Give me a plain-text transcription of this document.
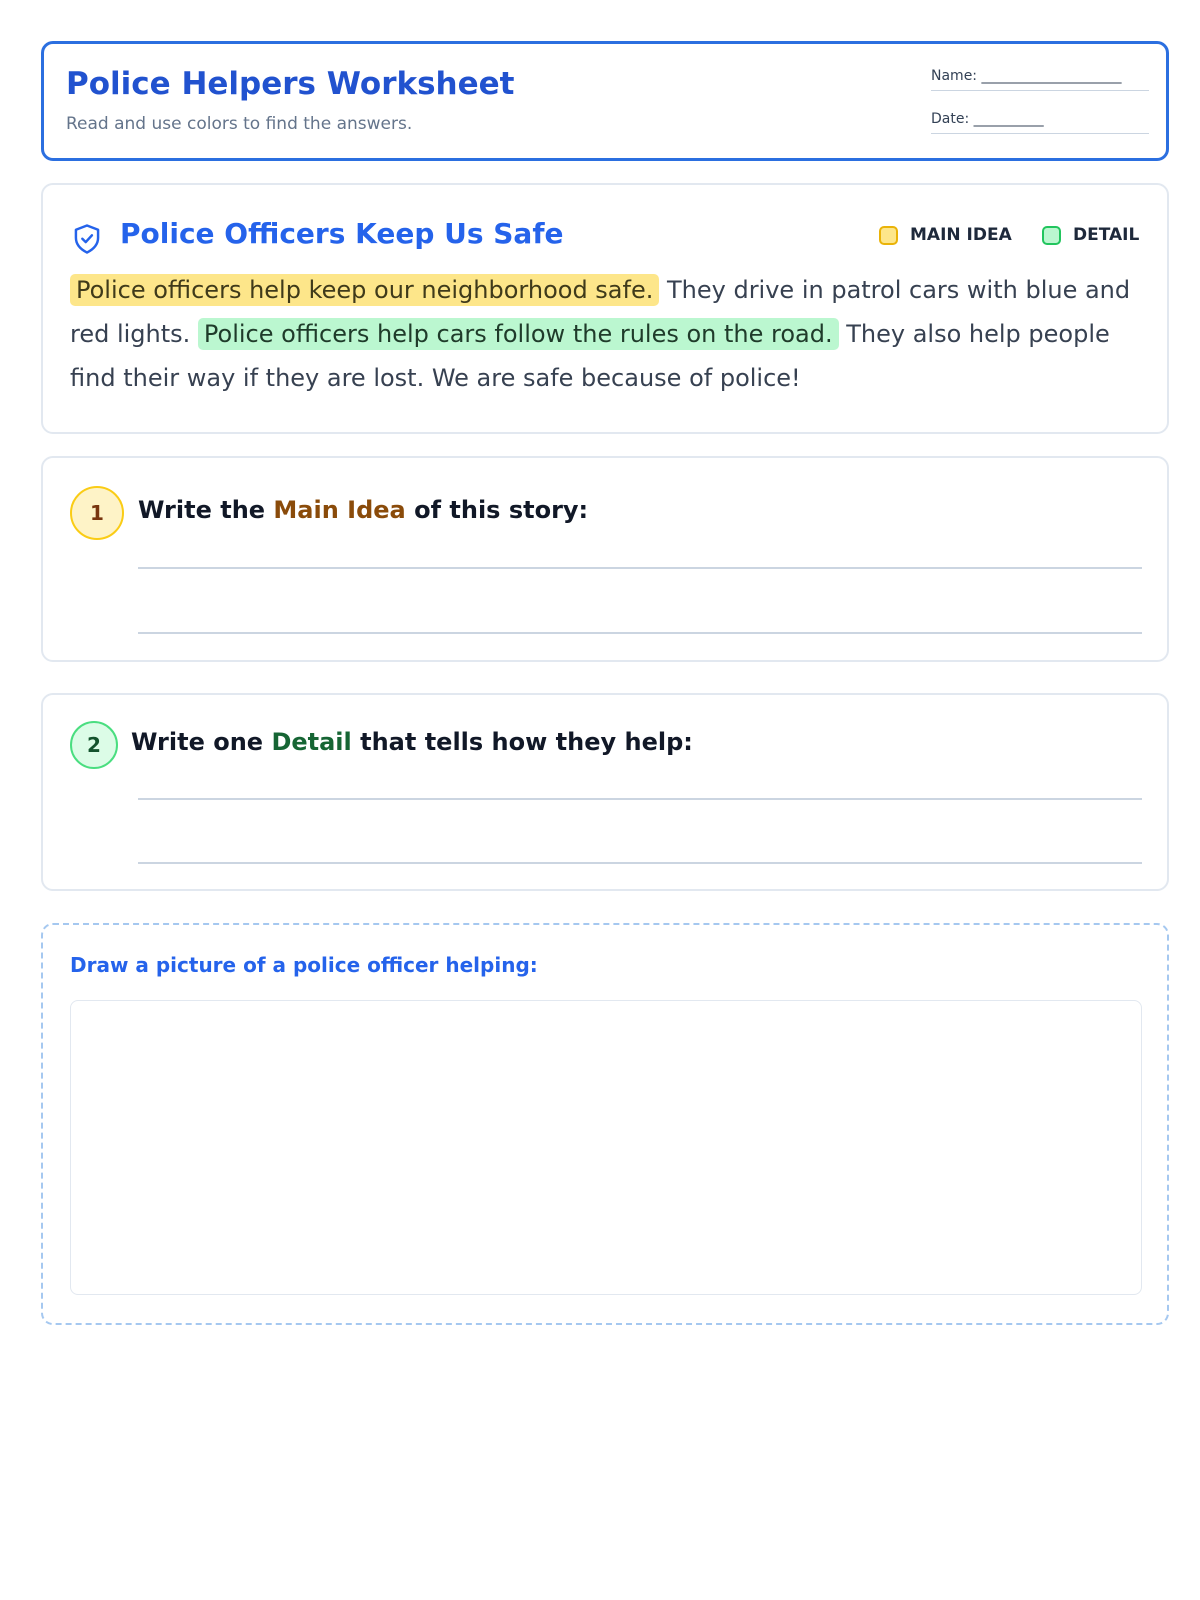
Police Helpers Worksheet
Read and use colors to find the answers.
Name: ____________________
Date: __________
Police Officers Keep Us Safe	MAIN IDEA	DETAIL

Police officers help keep our neighborhood safe. They drive in patrol cars with blue and red lights. Police officers help cars follow the rules on the road. They also help people find their way if they are lost. We are safe because of police!

1	Write the Main Idea of this story:
2	Write one Detail that tells how they help:
Draw a picture of a police officer helping:
